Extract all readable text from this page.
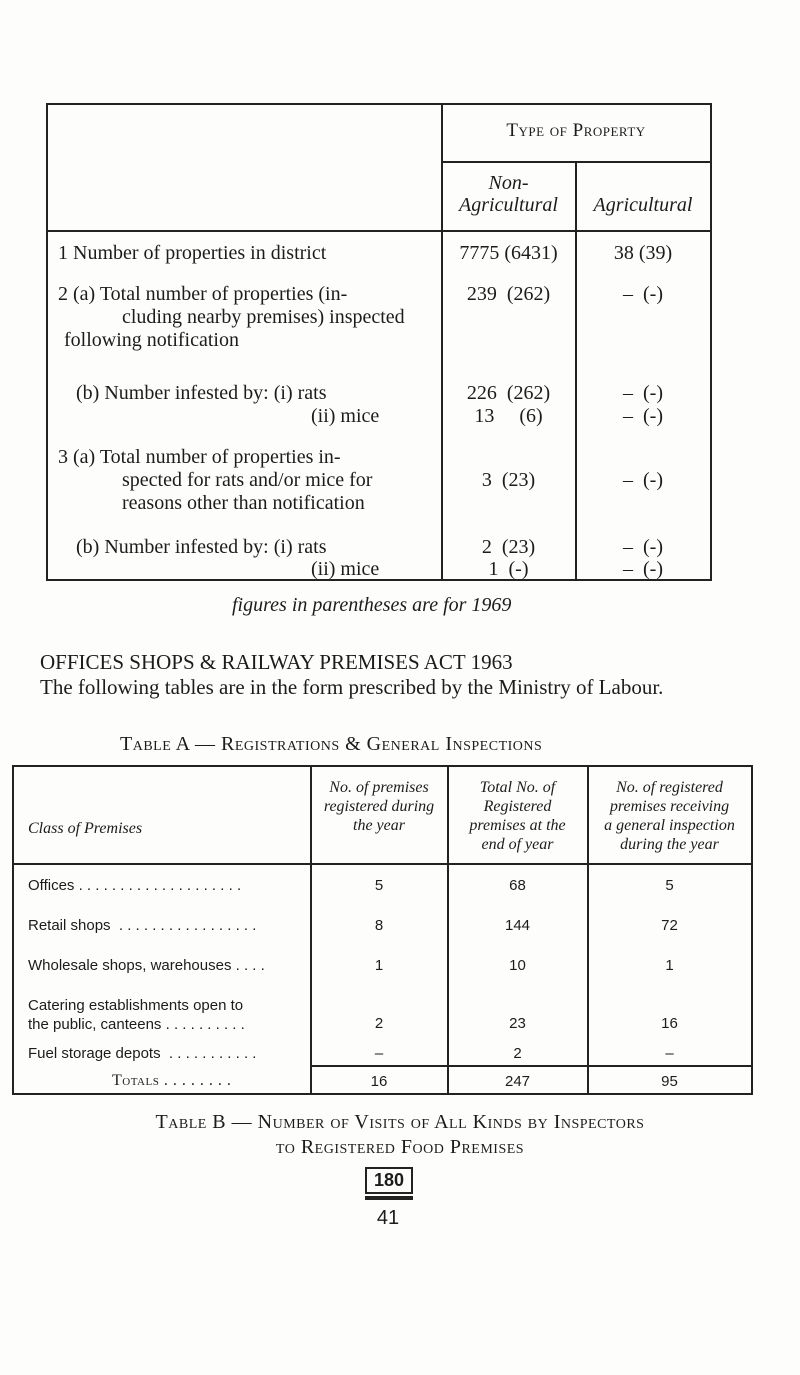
Type of Property
Non-
Agricultural	Agricultural
1 Number of properties in district	7775 (6431)	38 (39)
2 (a) Total number of properties (in-
cluding nearby premises) inspected
following notification
239  (262)	–  (-)
(b) Number infested by: (i) rats	226  (262)	–  (-)
(ii) mice	13     (6)	–  (-)
3 (a) Total number of properties in-
spected for rats and/or mice for
reasons other than notification
3  (23)	–  (-)
(b) Number infested by: (i) rats	2  (23)	–  (-)
(ii) mice	1  (-)	–  (-)
figures in parentheses are for 1969
OFFICES SHOPS & RAILWAY PREMISES ACT 1963
The following tables are in the form prescribed by the Ministry of Labour.
Table A — Registrations & General Inspections
Class of Premises
No. of premises
registered during
the year
Total No. of
Registered
premises at the
end of year
No. of registered
premises receiving
a general inspection
during the year
Offices . . . . . . . . . . . . . . . . . . . .	5	68	5
Retail shops  . . . . . . . . . . . . . . . . .	8	144	72
Wholesale shops, warehouses . . . .	1	10	1
Catering establishments open to
the public, canteens . . . . . . . . . .	2	23	16
Fuel storage depots  . . . . . . . . . . .	–	2	–
Totals . . . . . . . .	16	247	95
Table B — Number of Visits of All Kinds by Inspectors
to Registered Food Premises
180
41
